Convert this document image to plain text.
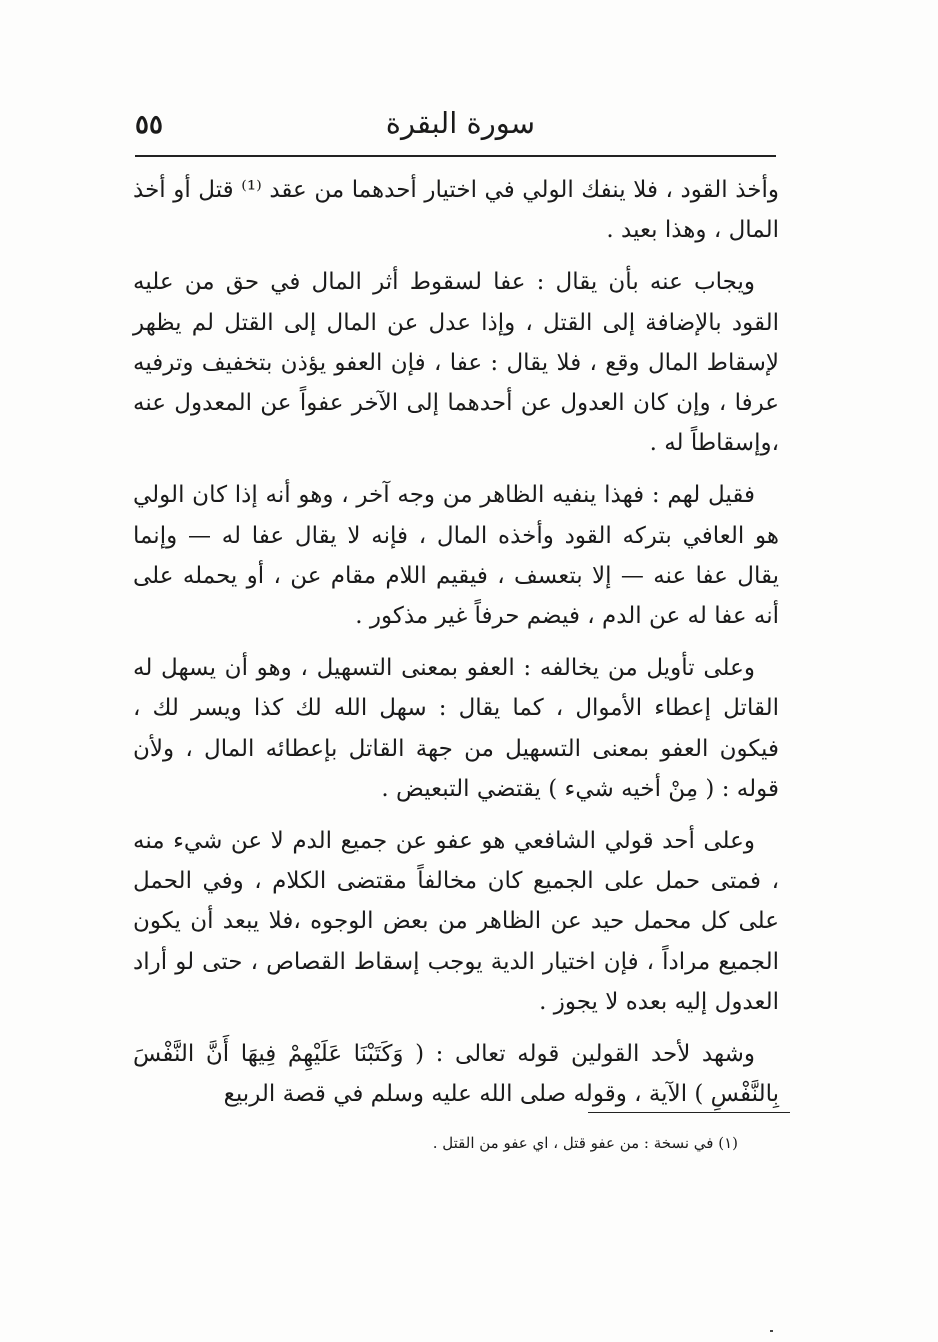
سورة البقرة
٥٥

وأخذ القود ، فلا ينفك الولي في اختيار أحدهما من عقد ⁽¹⁾ قتل أو أخذ المال ، وهذا بعيد .

ويجاب عنه بأن يقال : عفا لسقوط أثر المال في حق من عليه القود بالإضافة إلى القتل ، وإذا عدل عن المال إلى القتل لم يظهر لإسقاط المال وقع ، فلا يقال : عفا ، فإن العفو يؤذن بتخفيف وترفيه عرفا ، وإن كان العدول عن أحدهما إلى الآخر عفواً عن المعدول عنه ،وإسقاطاً له .

فقيل لهم : فهذا ينفيه الظاهر من وجه آخر ، وهو أنه إذا كان الولي هو العافي بتركه القود وأخذه المال ، فإنه لا يقال عفا له — وإنما يقال عفا عنه — إلا بتعسف ، فيقيم اللام مقام عن ، أو يحمله على أنه عفا له عن الدم ، فيضم حرفاً غير مذكور .

وعلى تأويل من يخالفه : العفو بمعنى التسهيل ، وهو أن يسهل له القاتل إعطاء الأموال ، كما يقال : سهل الله لك كذا ويسر لك ، فيكون العفو بمعنى التسهيل من جهة القاتل بإعطائه المال ، ولأن قوله : ( مِنْ أخيه شيء ) يقتضي التبعيض .

وعلى أحد قولي الشافعي هو عفو عن جميع الدم لا عن شيء منه ، فمتى حمل على الجميع كان مخالفاً مقتضى الكلام ، وفي الحمل على كل محمل حيد عن الظاهر من بعض الوجوه ،فلا يبعد أن يكون الجميع مراداً ، فإن اختيار الدية يوجب إسقاط القصاص ، حتى لو أراد العدول إليه بعده لا يجوز .

وشهد لأحد القولين قوله تعالى : ( وَكَتَبْنَا عَلَيْهِمْ فِيهَا أَنَّ النَّفْسَ بِالنَّفْسِ ) الآية ، وقوله صلى الله عليه وسلم في قصة الربيع

(١) في نسخة : من عفو قتل ، اي عفو من القتل .
